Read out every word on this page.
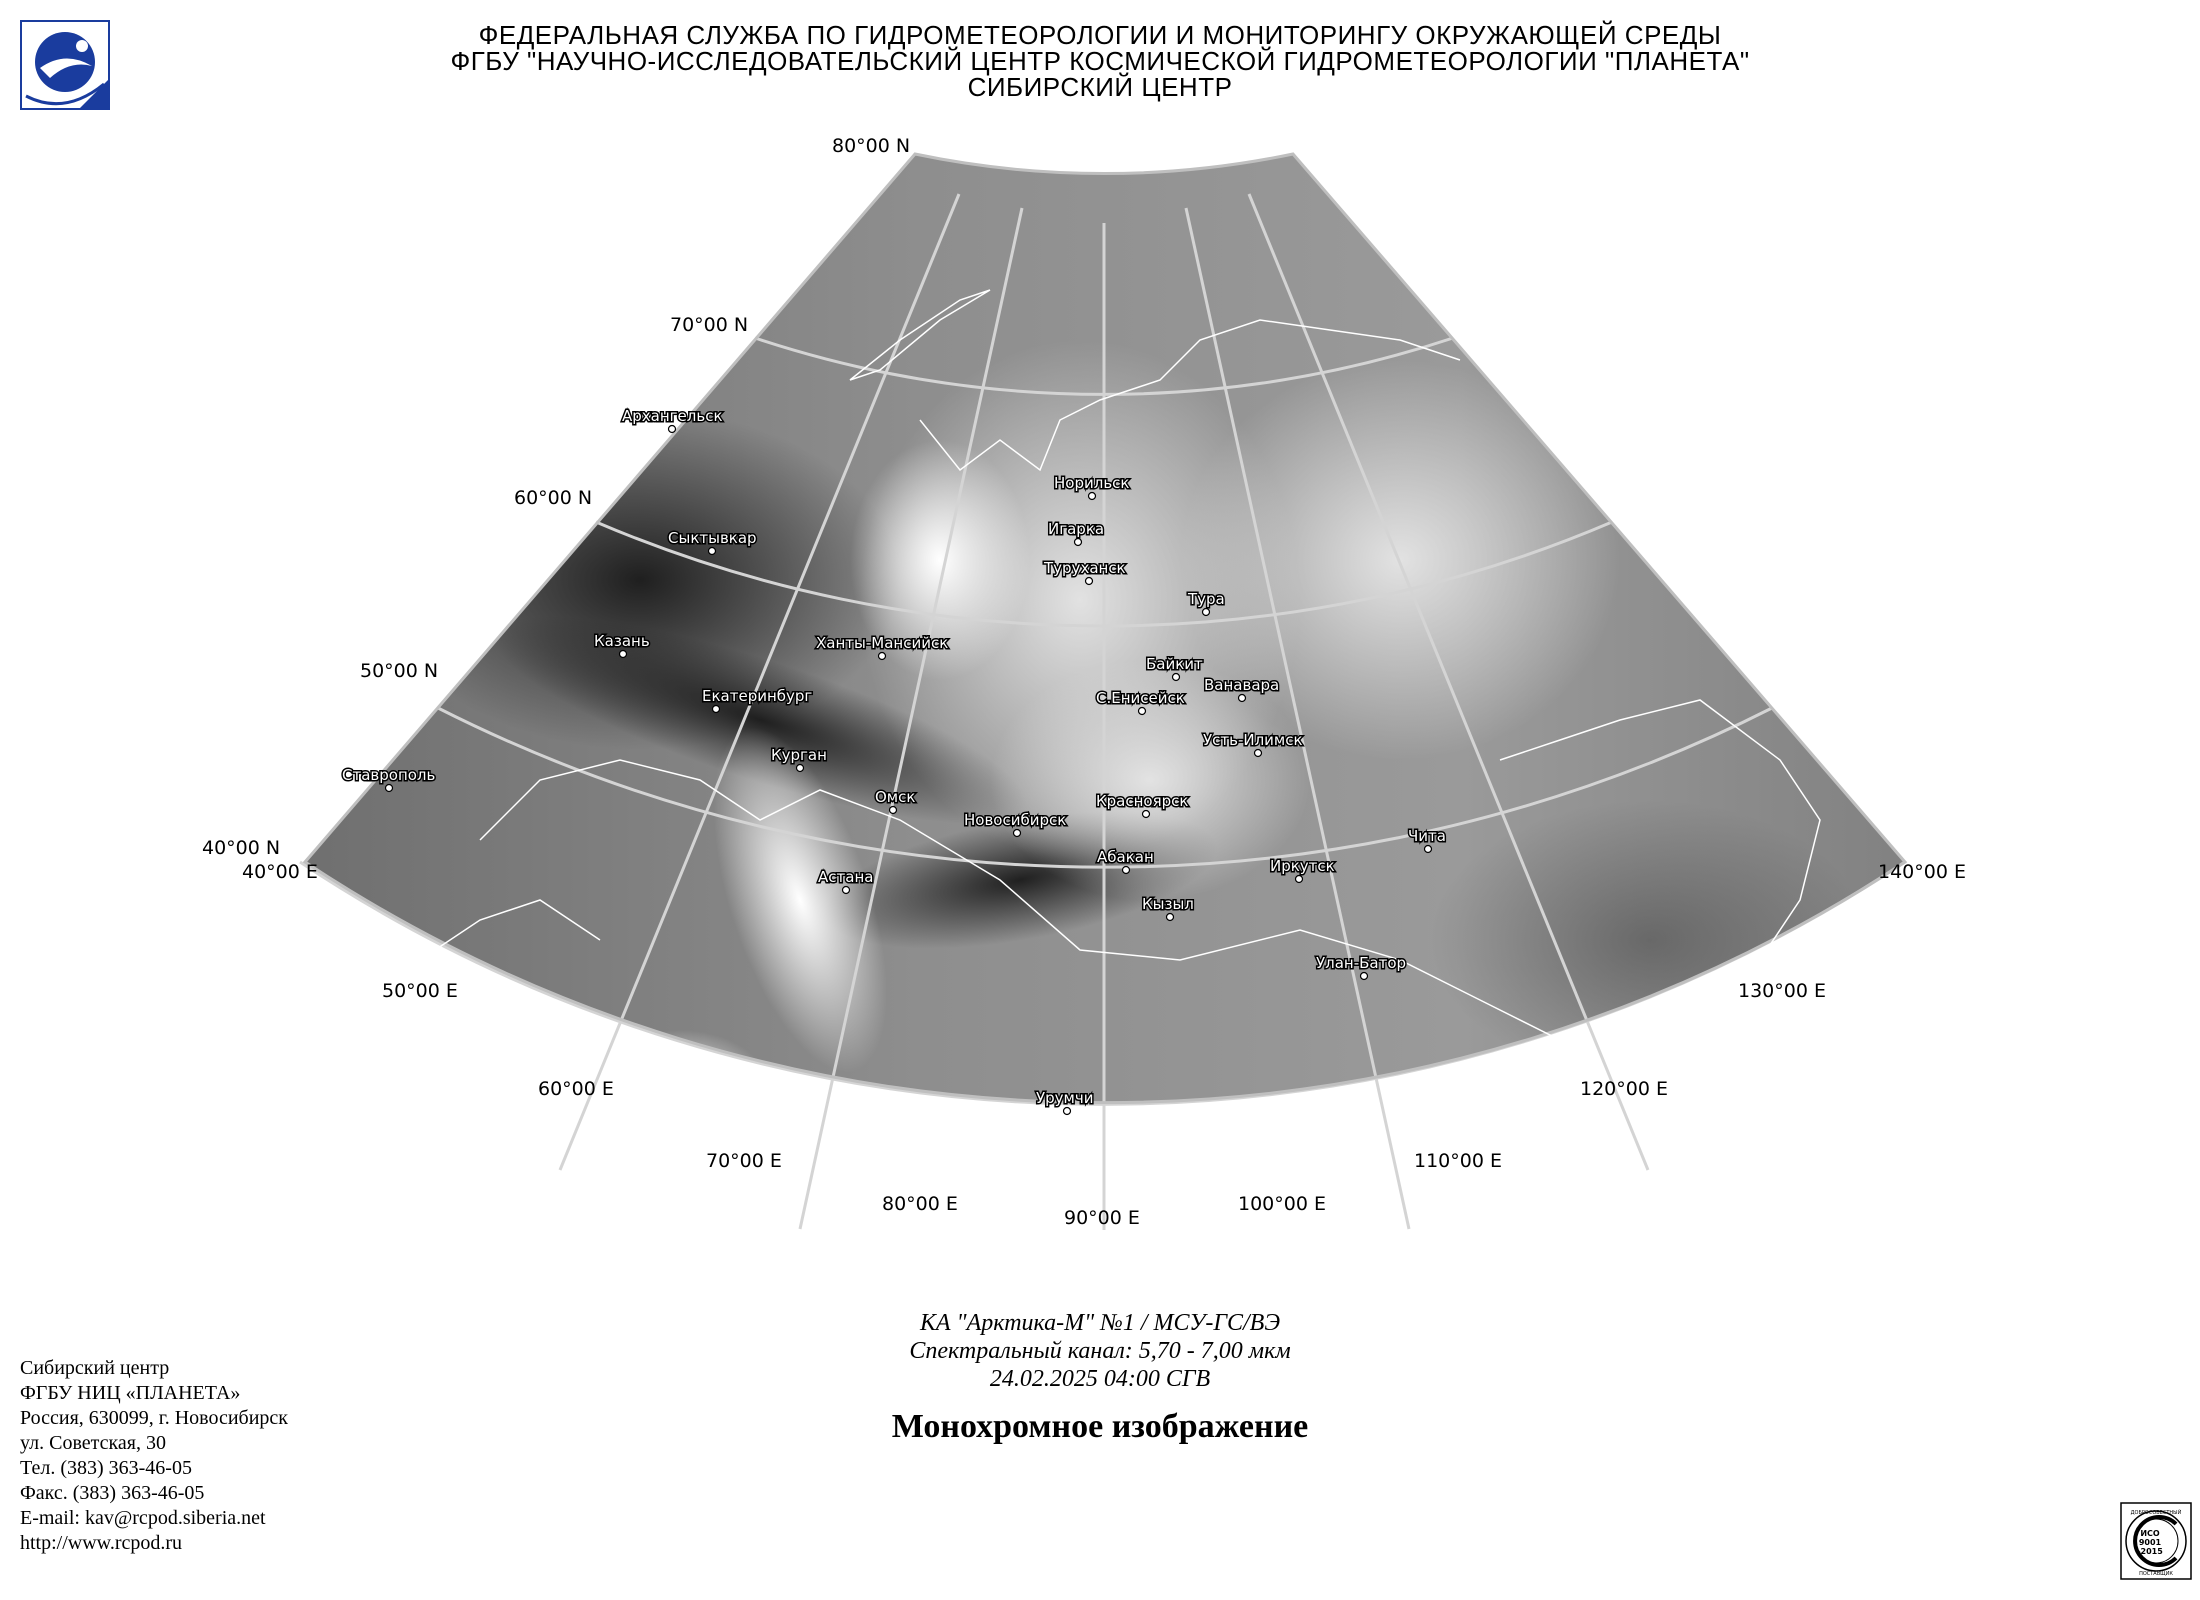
ФЕДЕРАЛЬНАЯ СЛУЖБА ПО ГИДРОМЕТЕОРОЛОГИИ И МОНИТОРИНГУ ОКРУЖАЮЩЕЙ СРЕДЫ
ФГБУ "НАУЧНО-ИССЛЕДОВАТЕЛЬСКИЙ ЦЕНТР КОСМИЧЕСКОЙ ГИДРОМЕТЕОРОЛОГИИ "ПЛАНЕТА"
СИБИРСКИЙ ЦЕНТР
Архангельск
Сыктывкар
Казань
Ставрополь
Екатеринбург
Курган
Ханты-Мансийск
Омск
Астана
Новосибирск
Норильск
Игарка
Туруханск
Тура
Байкит
Ванавара
С.Енисейск
Усть-Илимск
Красноярск
Абакан
Кызыл
Иркутск
Чита
Улан-Батор
Урумчи
80°00 N
70°00 N
60°00 N
50°00 N
40°00 N
40°00 E
50°00 E
60°00 E
70°00 E
80°00 E
90°00 E
100°00 E
110°00 E
120°00 E
130°00 E
140°00 E
КА "Арктика-М" №1 / МСУ-ГС/ВЭ
Спектральный канал: 5,70 - 7,00 мкм
24.02.2025 04:00 СГВ
Монохромное изображение
Сибирский центр
ФГБУ НИЦ «ПЛАНЕТА»
Россия, 630099, г. Новосибирск
ул. Советская, 30
Тел. (383) 363-46-05
Факс. (383) 363-46-05
E-mail: kav@rcpod.siberia.net
http://www.rcpod.ru
ДОБРОСОВЕСТНЫЙ
ИСО
9001
-2015
ПОСТАВЩИК
